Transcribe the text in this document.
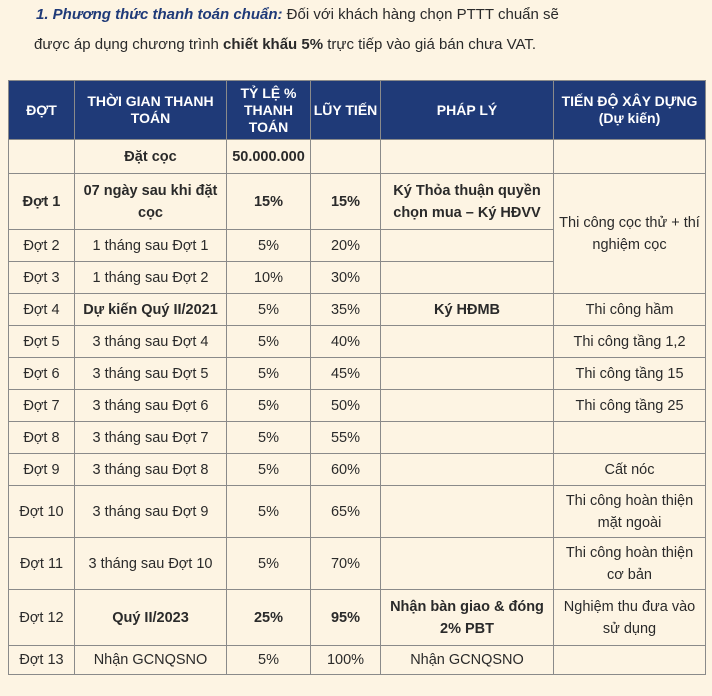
1. Phương thức thanh toán chuẩn: Đối với khách hàng chọn PTTT chuẩn sẽ
được áp dụng chương trình chiết khấu 5% trực tiếp vào giá bán chưa VAT.
ĐỢT	THỜI GIAN THANH TOÁN	TỶ LỆ % THANH TOÁN	LŨY TIẾN	PHÁP LÝ	TIẾN ĐỘ XÂY DỰNG (Dự kiến)
	Đặt cọc	50.000.000			
Đợt 1	07 ngày sau khi đặt cọc	15%	15%	Ký Thỏa thuận quyền chọn mua – Ký HĐVV	Thi công cọc thử + thí nghiệm cọc
Đợt 2	1 tháng sau Đợt 1	5%	20%		
Đợt 3	1 tháng sau Đợt 2	10%	30%		
Đợt 4	Dự kiến Quý II/2021	5%	35%	Ký HĐMB	Thi công hầm
Đợt 5	3 tháng sau Đợt 4	5%	40%		Thi công tầng 1,2
Đợt 6	3 tháng sau Đợt 5	5%	45%		Thi công tầng 15
Đợt 7	3 tháng sau Đợt 6	5%	50%		Thi công tầng 25
Đợt 8	3 tháng sau Đợt 7	5%	55%		
Đợt 9	3 tháng sau Đợt 8	5%	60%		Cất nóc
Đợt 10	3 tháng sau Đợt 9	5%	65%		Thi công hoàn thiện mặt ngoài
Đợt 11	3 tháng sau Đợt 10	5%	70%		Thi công hoàn thiện cơ bản
Đợt 12	Quý II/2023	25%	95%	Nhận bàn giao & đóng 2% PBT	Nghiệm thu đưa vào sử dụng
Đợt 13	Nhận GCNQSNO	5%	100%	Nhận GCNQSNO	
